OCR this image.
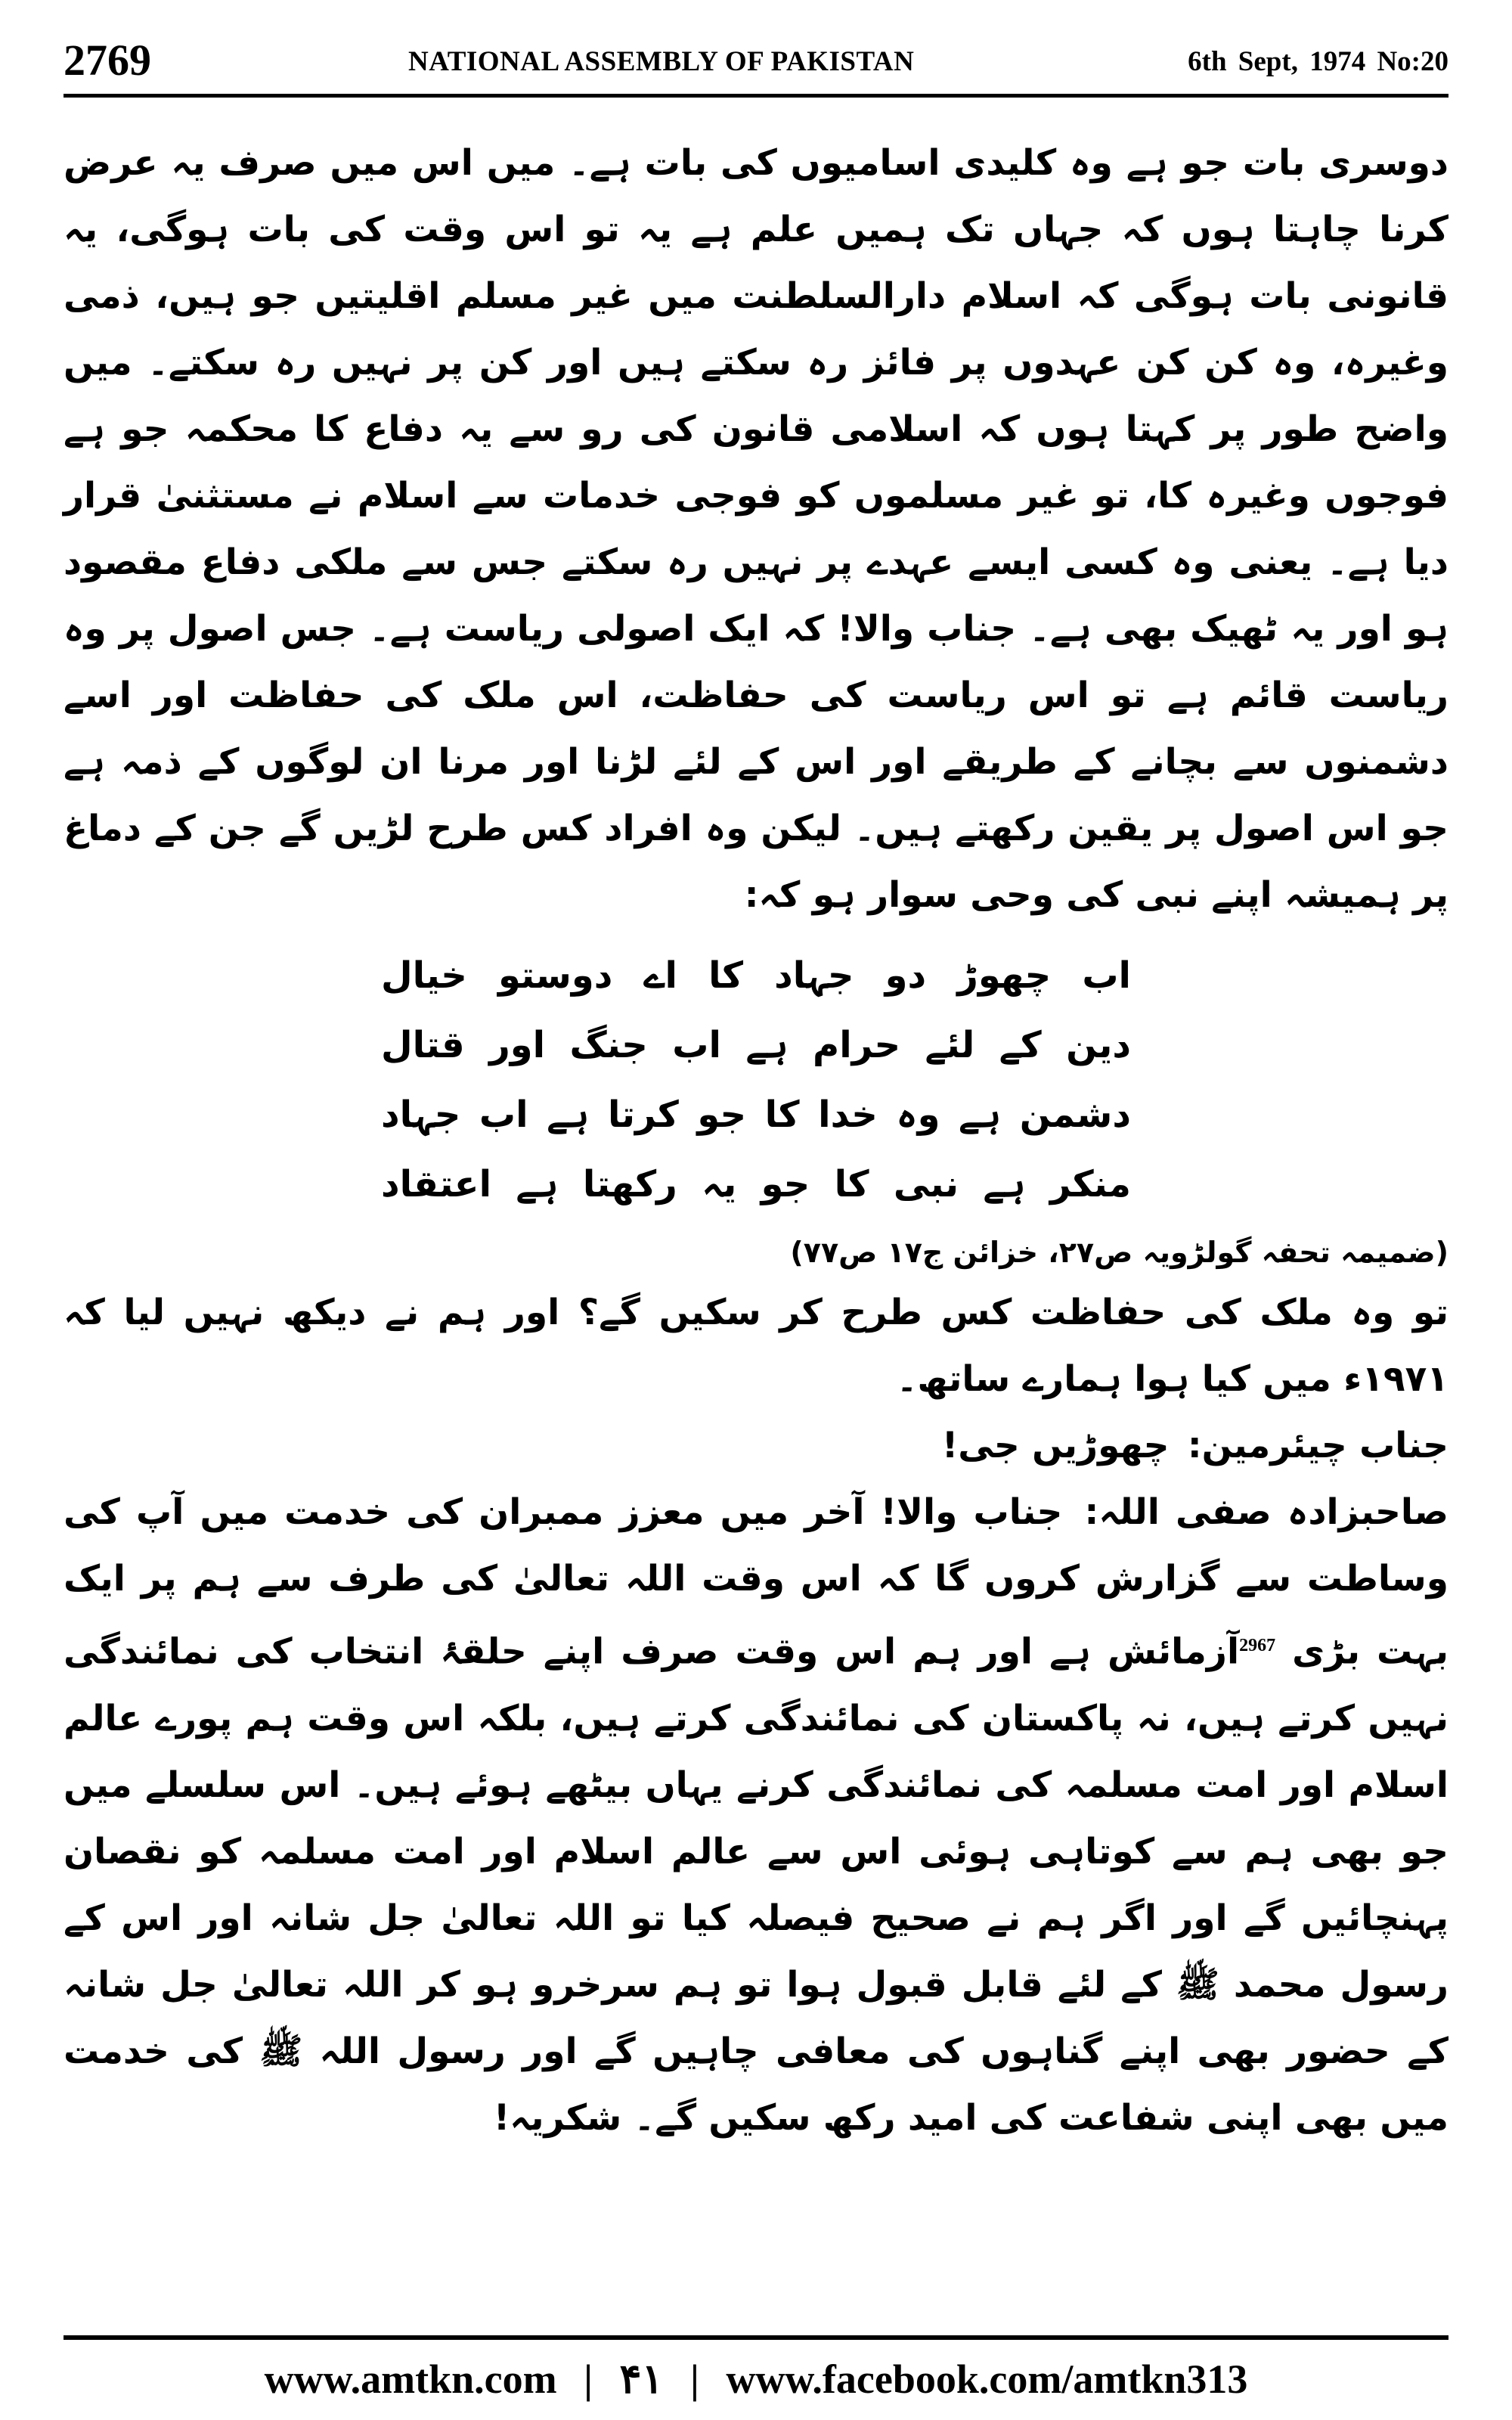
2769	NATIONAL ASSEMBLY OF PAKISTAN	6th Sept, 1974 No:20

دوسری بات جو ہے وہ کلیدی اسامیوں کی بات ہے۔ میں اس میں صرف یہ عرض کرنا چاہتا ہوں کہ جہاں تک ہمیں علم ہے یہ تو اس وقت کی بات ہوگی، یہ قانونی بات ہوگی کہ اسلام دارالسلطنت میں غیر مسلم اقلیتیں جو ہیں، ذمی وغیرہ، وہ کن کن عہدوں پر فائز رہ سکتے ہیں اور کن پر نہیں رہ سکتے۔ میں واضح طور پر کہتا ہوں کہ اسلامی قانون کی رو سے یہ دفاع کا محکمہ جو ہے فوجوں وغیرہ کا، تو غیر مسلموں کو فوجی خدمات سے اسلام نے مستثنیٰ قرار دیا ہے۔ یعنی وہ کسی ایسے عہدے پر نہیں رہ سکتے جس سے ملکی دفاع مقصود ہو اور یہ ٹھیک بھی ہے۔ جناب والا! کہ ایک اصولی ریاست ہے۔ جس اصول پر وہ ریاست قائم ہے تو اس ریاست کی حفاظت، اس ملک کی حفاظت اور اسے دشمنوں سے بچانے کے طریقے اور اس کے لئے لڑنا اور مرنا ان لوگوں کے ذمہ ہے جو اس اصول پر یقین رکھتے ہیں۔ لیکن وہ افراد کس طرح لڑیں گے جن کے دماغ پر ہمیشہ اپنے نبی کی وحی سوار ہو کہ:

اب چھوڑ دو جہاد کا اے دوستو خیال
دین کے لئے حرام ہے اب جنگ اور قتال
دشمن ہے وہ خدا کا جو کرتا ہے اب جہاد
منکر ہے نبی کا جو یہ رکھتا ہے اعتقاد
(ضمیمہ تحفہ گولڑویہ ص۲۷، خزائن ج۱۷ ص۷۷)

تو وہ ملک کی حفاظت کس طرح کر سکیں گے؟ اور ہم نے دیکھ نہیں لیا کہ ۱۹۷۱ء میں کیا ہوا ہمارے ساتھ۔

جناب چیئرمین: چھوڑیں جی!

صاحبزادہ صفی اللہ: جناب والا! آخر میں معزز ممبران کی خدمت میں آپ کی وساطت سے گزارش کروں گا کہ اس وقت اللہ تعالیٰ کی طرف سے ہم پر ایک بہت بڑی $^{2967}$آزمائش ہے اور ہم اس وقت صرف اپنے حلقۂ انتخاب کی نمائندگی نہیں کرتے ہیں، نہ پاکستان کی نمائندگی کرتے ہیں، بلکہ اس وقت ہم پورے عالم اسلام اور امت مسلمہ کی نمائندگی کرنے یہاں بیٹھے ہوئے ہیں۔ اس سلسلے میں جو بھی ہم سے کوتاہی ہوئی اس سے عالم اسلام اور امت مسلمہ کو نقصان پہنچائیں گے اور اگر ہم نے صحیح فیصلہ کیا تو اللہ تعالیٰ جل شانہ اور اس کے رسول محمد ﷺ کے لئے قابل قبول ہوا تو ہم سرخرو ہو کر اللہ تعالیٰ جل شانہ کے حضور بھی اپنے گناہوں کی معافی چاہیں گے اور رسول اللہ ﷺ کی خدمت میں بھی اپنی شفاعت کی امید رکھ سکیں گے۔ شکریہ!

www.amtkn.com | ۴۱ | www.facebook.com/amtkn313
